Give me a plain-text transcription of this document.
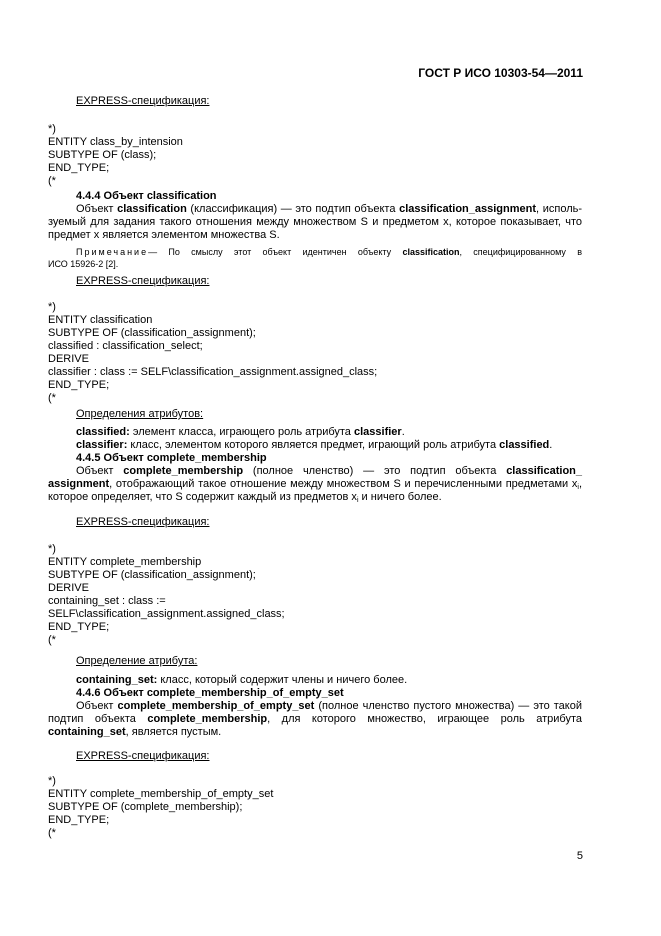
ГОСТ Р ИСО 10303-54—2011
EXPRESS-спецификация:
*)
ENTITY class_by_intension
SUBTYPE OF (class);
END_TYPE;
(*
4.4.4 Объект classification
Объект classification (классификация) — это подтип объекта classification_assignment, исполь-
зуемый для задания такого отношения между множеством S и предметом x, которое показывает, что
предмет x является элементом множества S.
Примечание— По смыслу этот объект идентичен объекту classification, специфицированному в
ИСО 15926-2 [2].
EXPRESS-спецификация:
*)
ENTITY classification
SUBTYPE OF (classification_assignment);
classified : classification_select;
DERIVE
classifier : class := SELF\classification_assignment.assigned_class;
END_TYPE;
(*
Определения атрибутов:
classified: элемент класса, играющего роль атрибута classifier.
classifier: класс, элементом которого является предмет, играющий роль атрибута classified.
4.4.5 Объект complete_membership
Объект complete_membership (полное членство) — это подтип объекта classification_
assignment, отображающий такое отношение между множеством S и перечисленными предметами $x_i$,
которое определяет, что S содержит каждый из предметов $x_i$ и ничего более.
EXPRESS-спецификация:
*)
ENTITY complete_membership
SUBTYPE OF (classification_assignment);
DERIVE
containing_set : class :=
SELF\classification_assignment.assigned_class;
END_TYPE;
(*
Определение атрибута:
containing_set: класс, который содержит члены и ничего более.
4.4.6 Объект complete_membership_of_empty_set
Объект complete_membership_of_empty_set (полное членство пустого множества) — это такой
подтип объекта complete_membership, для которого множество, играющее роль атрибута
containing_set, является пустым.
EXPRESS-спецификация:
*)
ENTITY complete_membership_of_empty_set
SUBTYPE OF (complete_membership);
END_TYPE;
(*
5
